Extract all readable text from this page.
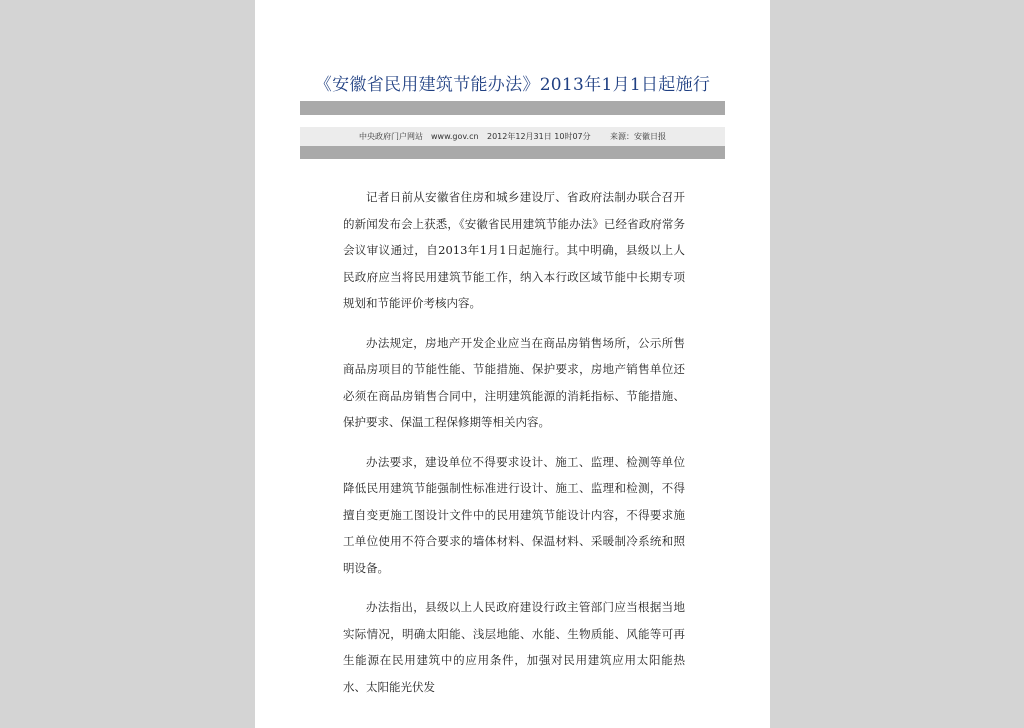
《安徽省民用建筑节能办法》2013年1月1日起施行
中央政府门户网站　www.gov.cn 2012年12月31日 10时07分 来源：安徽日报

记者日前从安徽省住房和城乡建设厅、省政府法制办联合召开的新闻发布会上获悉，《安徽省民用建筑节能办法》已经省政府常务会议审议通过，自2013年1月1日起施行。其中明确，县级以上人民政府应当将民用建筑节能工作，纳入本行政区域节能中长期专项规划和节能评价考核内容。

办法规定，房地产开发企业应当在商品房销售场所，公示所售商品房项目的节能性能、节能措施、保护要求，房地产销售单位还必须在商品房销售合同中，注明建筑能源的消耗指标、节能措施、保护要求、保温工程保修期等相关内容。

办法要求，建设单位不得要求设计、施工、监理、检测等单位降低民用建筑节能强制性标准进行设计、施工、监理和检测，不得擅自变更施工图设计文件中的民用建筑节能设计内容，不得要求施工单位使用不符合要求的墙体材料、保温材料、采暖制冷系统和照明设备。

办法指出，县级以上人民政府建设行政主管部门应当根据当地实际情况，明确太阳能、浅层地能、水能、生物质能、风能等可再生能源在民用建筑中的应用条件，加强对民用建筑应用太阳能热水、太阳能光伏发
